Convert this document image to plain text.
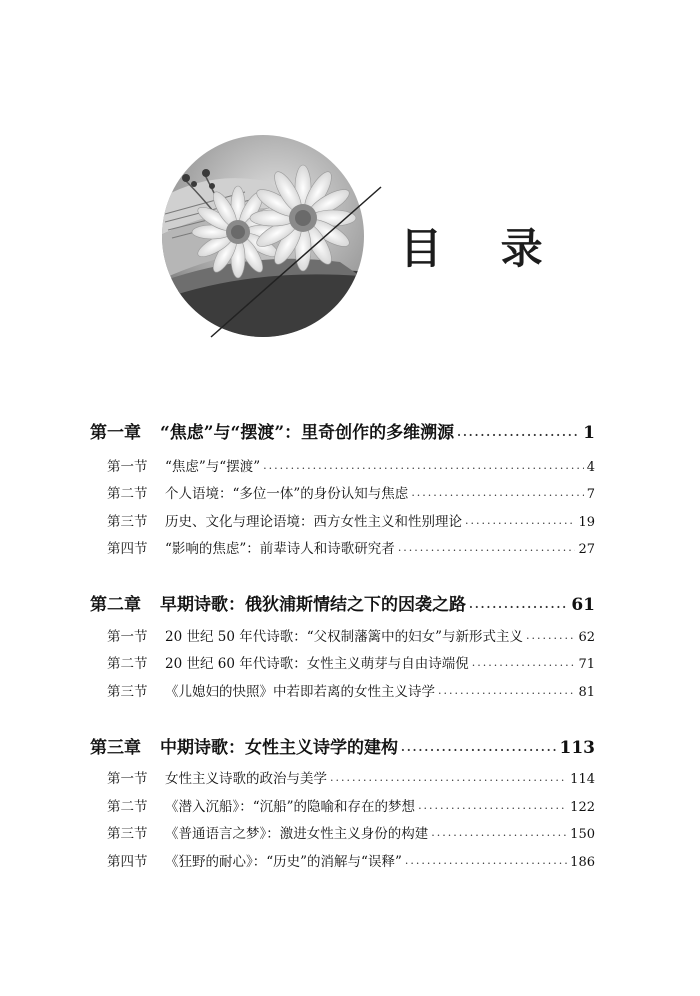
目 录
第一章	“焦虑”与“摆渡”：里奇创作的多维溯源 .....	1
第一节	“焦虑”与“摆渡” .....	4
第二节	个人语境：“多位一体”的身份认知与焦虑 .....	7
第三节	历史、文化与理论语境：西方女性主义和性别理论 .....	19
第四节	“影响的焦虑”：前辈诗人和诗歌研究者 .....	27
第二章	早期诗歌：俄狄浦斯情结之下的因袭之路 .....	61
第一节	20 世纪 50 年代诗歌：“父权制藩篱中的妇女”与新形式主义 .....	62
第二节	20 世纪 60 年代诗歌：女性主义萌芽与自由诗端倪 .....	71
第三节	《儿媳妇的快照》中若即若离的女性主义诗学 .....	81
第三章	中期诗歌：女性主义诗学的建构 .....	113
第一节	女性主义诗歌的政治与美学 .....	114
第二节	《潜入沉船》：“沉船”的隐喻和存在的梦想 .....	122
第三节	《普通语言之梦》：激进女性主义身份的构建 .....	150
第四节	《狂野的耐心》：“历史”的消解与“误释” .....	186
